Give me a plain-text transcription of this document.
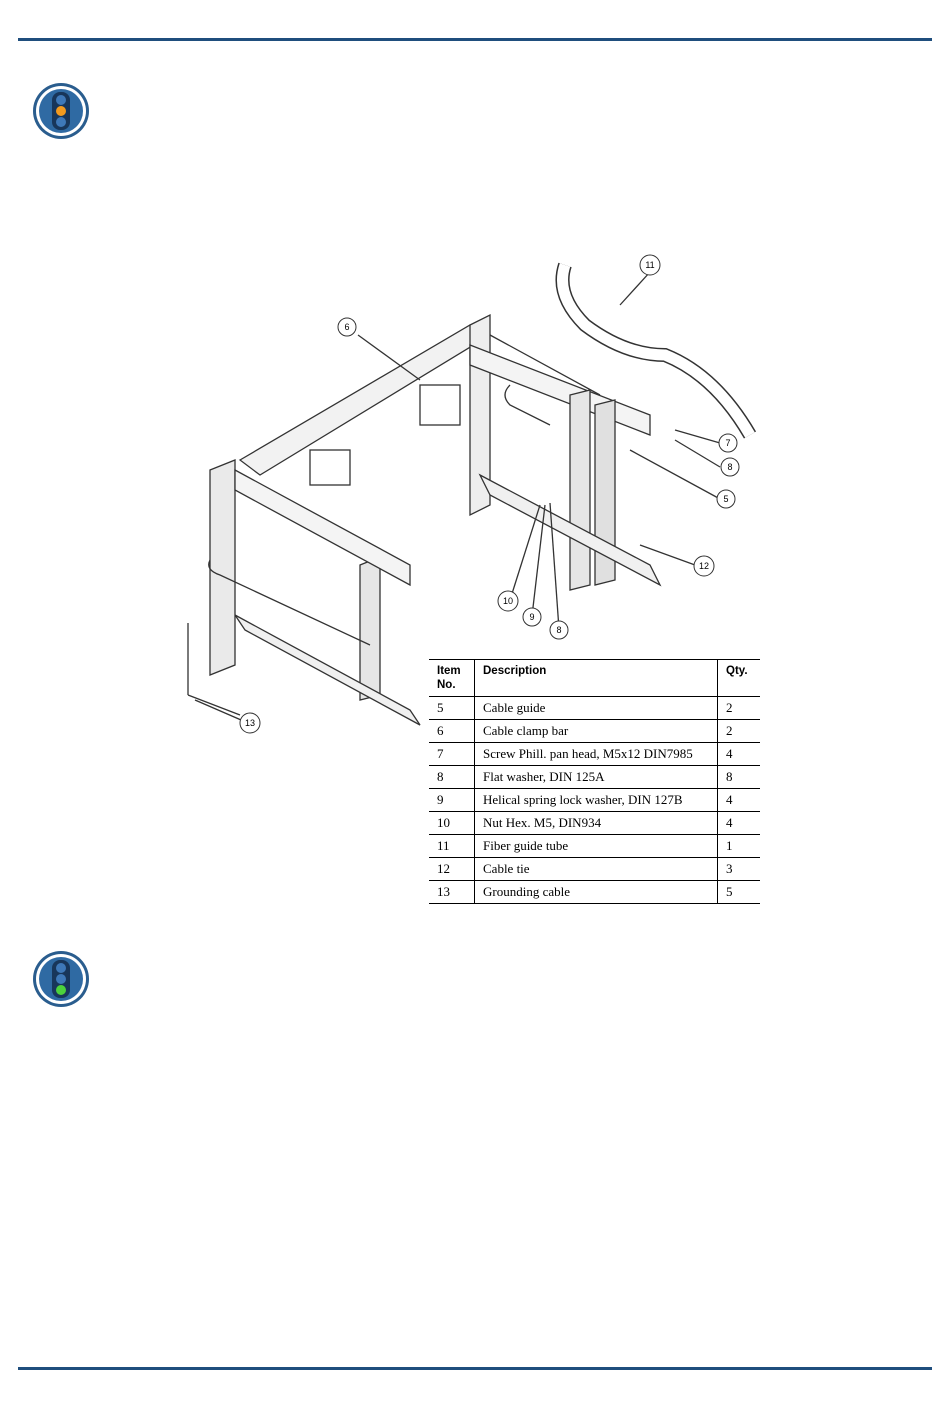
6
11
7
8
5
12
10
9
8
13
Item No.	Description	Qty.
5	Cable guide	2
6	Cable clamp bar	2
7	Screw Phill. pan head, M5x12 DIN7985	4
8	Flat washer, DIN 125A	8
9	Helical spring lock washer, DIN 127B	4
10	Nut Hex. M5, DIN934	4
11	Fiber guide tube	1
12	Cable tie	3
13	Grounding cable	5
